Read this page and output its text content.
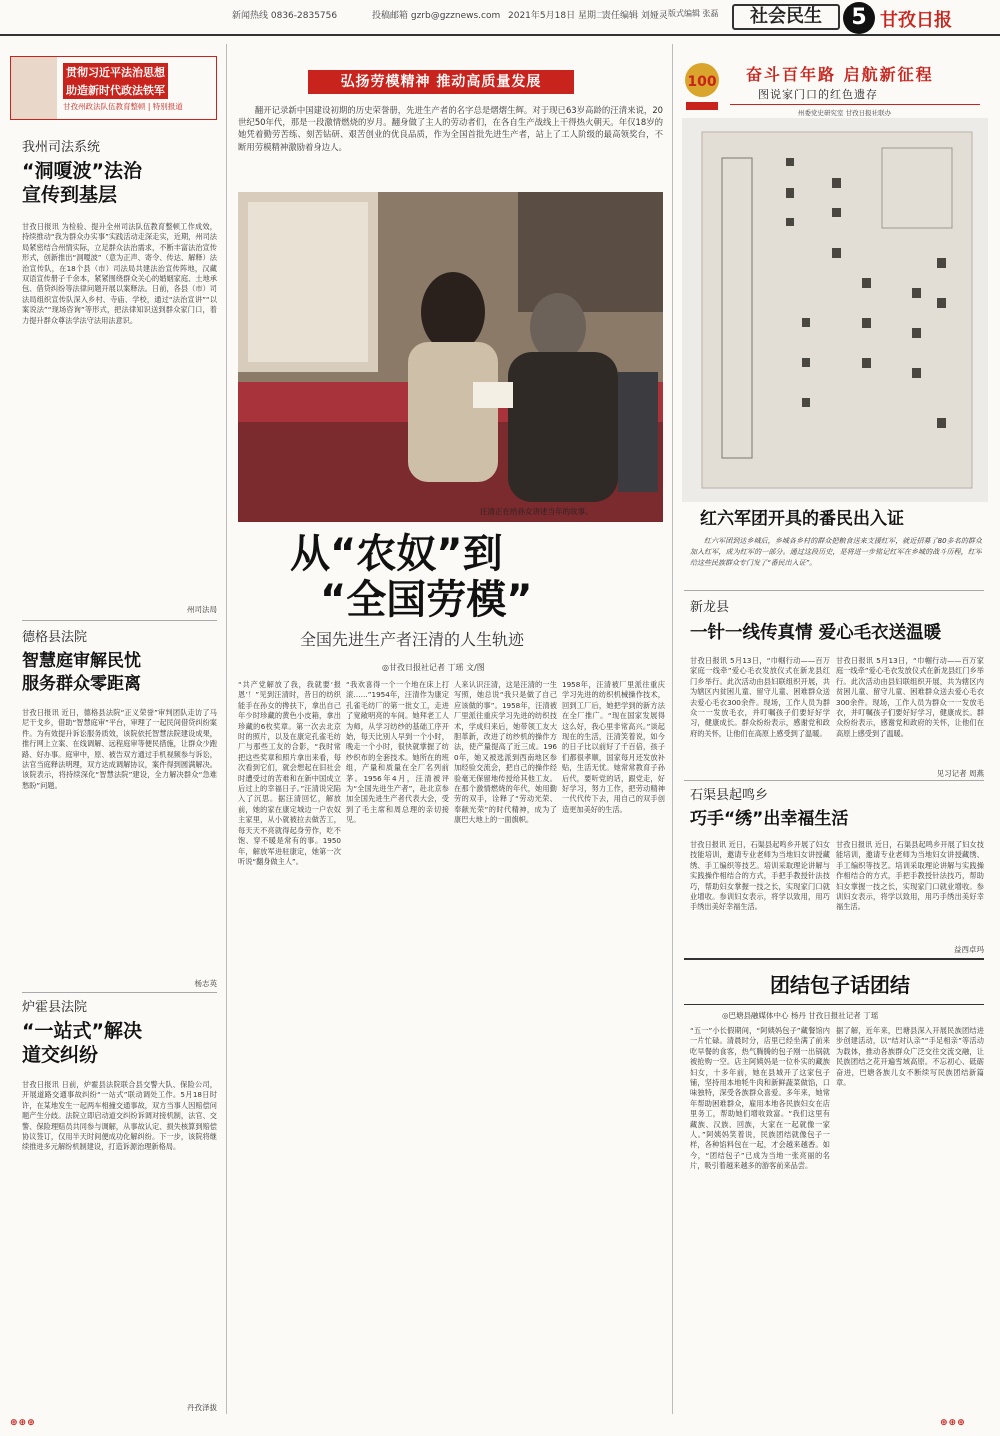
新闻热线 0836-2835756	投稿邮箱 gzrb@gzznews.com 2021年5月18日 星期二
责任编辑 刘娅灵 版式编辑 张磊	社会民生	5 甘孜日报
贯彻习近平法治思想
助造新时代政法铁军
甘孜州政法队伍教育整顿 | 特别报道
我州司法系统
“洞嗄波”法治
宣传到基层
甘孜日报讯 为检验、提升全州司法队伍教育整顿工作成效，持续推动“我为群众办实事”实践活动走深走实，近期，州司法局紧密结合州情实际，立足群众法治需求，不断丰富法治宣传形式，创新推出“洞嗄波”（意为正声、寄令、传达、解释）法治宣传队，在18个县（市）司法局共建法治宣传阵地，汉藏双语宣传册子千余本，紧紧围绕群众关心的婚姻家庭、土地承包、借贷纠纷等法律问题开展以案释法。日前，各县（市）司法局组织宣传队深入乡村、寺庙、学校，通过“法治宣讲”“以案说法”“现场咨询”等形式，把法律知识送到群众家门口，着力提升群众尊法学法守法用法意识。
州司法局
德格县法院
智慧庭审解民忧
服务群众零距离
甘孜日报讯 近日，德格县法院“正义荣誉”审判团队走访了马尼干戈乡，借助“智慧庭审”平台，审理了一起民间借贷纠纷案件。为有效提升诉讼服务质效，该院依托智慧法院建设成果，推行网上立案、在线调解、远程庭审等便民措施，让群众少跑路、好办事。庭审中，原、被告双方通过手机视频参与诉讼，法官当庭释法明理，双方达成调解协议，案件得到圆满解决。该院表示，将持续深化“智慧法院”建设，全力解决群众“急难愁盼”问题。
杨志英
炉霍县法院
“一站式”解决
道交纠纷
甘孜日报讯 日前，炉霍县法院联合县交警大队、保险公司，开展道路交通事故纠纷“一站式”联动调处工作。5月18日时许，在某地发生一起两车相撞交通事故，双方当事人因赔偿问题产生分歧。法院立即启动道交纠纷诉调对接机制，法官、交警、保险理赔员共同参与调解，从事故认定、损失核算到赔偿协议签订，仅用半天时间便成功化解纠纷。下一步，该院将继续推进多元解纷机制建设，打造诉源治理新格局。
丹孜泽拔
弘扬劳模精神 推动高质量发展
翻开记录新中国建设初期的历史荣誉册，先进生产者的名字总是熠熠生辉。对于现已63岁高龄的汪清来说，20世纪50年代，那是一段激情燃烧的岁月。翻身做了主人的劳动者们，在各自生产战线上干得热火朝天。年仅18岁的她凭着勤劳苦练、刻苦钻研、艰苦创业的优良品质，作为全国首批先进生产者，站上了工人阶级的最高领奖台，不断用劳模精神激励着身边人。
汪清正在给孙女讲述当年的故事。
从“农奴”到
“全国劳模”
全国先进生产者汪清的人生轨迹
◎甘孜日报社记者 丁瑶 文/图
“共产党解放了我，我就要‘报恩’！”见到汪清时，昔日的纺织能手在孙女的搀扶下，拿出自己年少时珍藏的黄色小皮箱，拿出珍藏的6枚奖章。第一次去北京时的照片，以及在康定孔雀毛纺厂与那些工友的合影，“我时常把这些奖章和照片拿出来看，每次看到它们，就会想起在旧社会时遭受过的苦难和在新中国成立后过上的幸福日子。”汪清说完陷入了沉思。据汪清回忆，解放前，她的家在康定城边一户农奴主家里，从小就被拉去做苦工，每天天不亮就得起身劳作，吃不饱、穿不暖是常有的事。1950年，解放军进驻康定，她第一次听说“翻身做主人”。
“我欢喜得一个一个地在床上打滚……”1954年，汪清作为康定孔雀毛纺厂的第一批女工，走进了宽敞明亮的车间。她拜老工人为师，从学习纺纱的基础工序开始，每天比别人早到一个小时，晚走一个小时，很快就掌握了纺纱织布的全套技术。她所在的班组，产量和质量在全厂名列前茅。1956年4月，汪清被评为“全国先进生产者”，赴北京参加全国先进生产者代表大会，受到了毛主席和周总理的亲切接见。
人来认识汪清，这是汪清的一生写照，她总说“我只是做了自己应该做的事”。1958年，汪清被厂里派往重庆学习先进的纺织技术，学成归来后，她带领工友大胆革新，改进了纺纱机的操作方法，使产量提高了近三成。1960年，她又被选派到西南地区参加经验交流会，把自己的操作经验毫无保留地传授给其他工友。在那个激情燃烧的年代，她用勤劳的双手，诠释了“劳动光荣、奉献光荣”的时代精神，成为了康巴大地上的一面旗帜。
1958年，汪清被厂里派往重庆学习先进的纺织机械操作技术，回到工厂后，她把学到的新方法在全厂推广。“现在国家发展得这么好，我心里非常高兴。”谈起现在的生活，汪清笑着说，如今的日子比以前好了千百倍，孩子们都很孝顺，国家每月还发放补贴，生活无忧。她常常教育子孙后代，要听党的话，跟党走，好好学习，努力工作，把劳动精神一代代传下去，用自己的双手创造更加美好的生活。
100 奋斗百年路 启航新征程
图说家门口的红色遗存
州委党史研究室 甘孜日报社联办
红六军团开具的番民出入证
红六军团到达乡城后，乡城各乡村的群众把粮食送来支援红军，就近招募了80多名的群众加入红军，成为红军的一部分。通过这段历史，是将进一步铭记红军在乡城的战斗历程，红军给这些民族群众专门发了“番民出入证”。
新龙县
一针一线传真情 爱心毛衣送温暖
甘孜日报讯 5月13日，“巾帼行动——百万家庭一线牵”爱心毛衣发放仪式在新龙县红门乡举行。此次活动由县妇联组织开展，共为辖区内贫困儿童、留守儿童、困难群众送去爱心毛衣300余件。现场，工作人员为群众一一发放毛衣，并叮嘱孩子们要好好学习，健康成长。群众纷纷表示，感谢党和政府的关怀，让他们在高原上感受到了温暖。
甘孜日报讯 5月13日，“巾帼行动——百万家庭一线牵”爱心毛衣发放仪式在新龙县红门乡举行。此次活动由县妇联组织开展，共为辖区内贫困儿童、留守儿童、困难群众送去爱心毛衣300余件。现场，工作人员为群众一一发放毛衣，并叮嘱孩子们要好好学习，健康成长。群众纷纷表示，感谢党和政府的关怀，让他们在高原上感受到了温暖。
见习记者 周燕
石渠县起鸣乡
巧手“绣”出幸福生活
甘孜日报讯 近日，石渠县起鸣乡开展了妇女技能培训，邀请专业老师为当地妇女讲授藏绣、手工编织等技艺。培训采取理论讲解与实践操作相结合的方式，手把手教授针法技巧，帮助妇女掌握一技之长，实现家门口就业增收。参训妇女表示，将学以致用，用巧手绣出美好幸福生活。
甘孜日报讯 近日，石渠县起鸣乡开展了妇女技能培训，邀请专业老师为当地妇女讲授藏绣、手工编织等技艺。培训采取理论讲解与实践操作相结合的方式，手把手教授针法技巧，帮助妇女掌握一技之长，实现家门口就业增收。参训妇女表示，将学以致用，用巧手绣出美好幸福生活。
益西卓玛
团结包子话团结
◎巴塘县融媒体中心 杨丹 甘孜日报社记者 丁瑶
“五一”小长假期间，“阿姨妈包子”藏餐馆内一片忙碌。清晨时分，店里已经坐满了前来吃早餐的食客，热气腾腾的包子刚一出锅就被抢购一空。店主阿姨妈是一位朴实的藏族妇女，十多年前，她在县城开了这家包子铺，坚持用本地牦牛肉和新鲜蔬菜做馅，口味独特，深受各族群众喜爱。多年来，她常年帮助困难群众，雇用本地各民族妇女在店里务工，帮助她们增收致富。“我们这里有藏族、汉族、回族，大家在一起就像一家人。”阿姨妈笑着说，民族团结就像包子一样，各种馅料包在一起，才会越来越香。如今，“团结包子”已成为当地一张亮丽的名片，吸引着越来越多的游客前来品尝。
据了解，近年来，巴塘县深入开展民族团结进步创建活动，以“结对认亲”“手足相亲”等活动为载体，推动各族群众广泛交往交流交融，让民族团结之花开遍雪域高原。不忘初心、砥砺奋进，巴塘各族儿女不断续写民族团结新篇章。
⊕⊕⊕	⊕⊕⊕
